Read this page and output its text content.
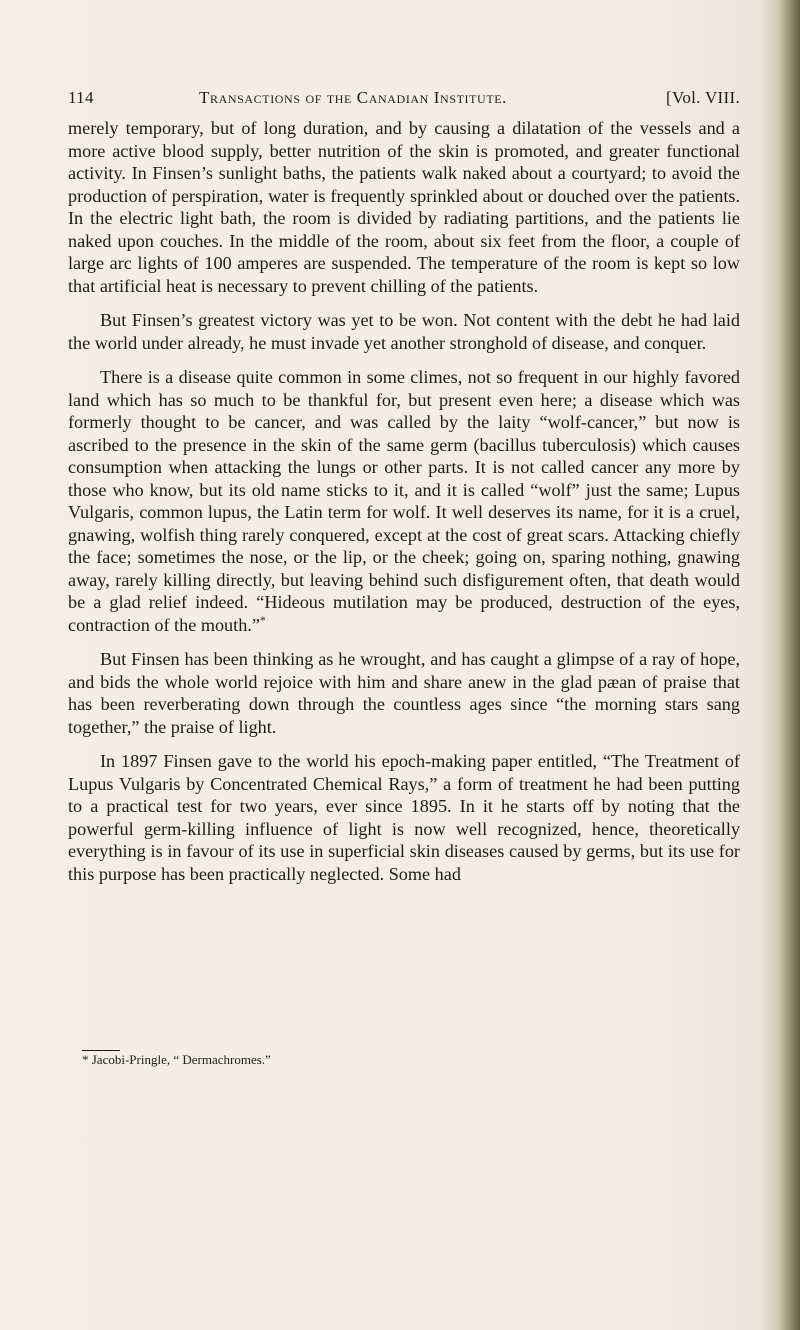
114	Transactions of the Canadian Institute.	[Vol. VIII.

merely temporary, but of long duration, and by causing a dilatation of the vessels and a more active blood supply, better nutrition of the skin is promoted, and greater functional activity. In Finsen’s sunlight baths, the patients walk naked about a courtyard; to avoid the production of perspiration, water is frequently sprinkled about or douched over the patients. In the electric light bath, the room is divided by radiating partitions, and the patients lie naked upon couches. In the middle of the room, about six feet from the floor, a couple of large arc lights of 100 amperes are suspended. The temperature of the room is kept so low that artificial heat is necessary to prevent chilling of the patients.

But Finsen’s greatest victory was yet to be won. Not content with the debt he had laid the world under already, he must invade yet another stronghold of disease, and conquer.

There is a disease quite common in some climes, not so frequent in our highly favored land which has so much to be thankful for, but present even here; a disease which was formerly thought to be cancer, and was called by the laity “wolf-cancer,” but now is ascribed to the presence in the skin of the same germ (bacillus tuberculosis) which causes consumption when attacking the lungs or other parts. It is not called cancer any more by those who know, but its old name sticks to it, and it is called “wolf” just the same; Lupus Vulgaris, common lupus, the Latin term for wolf. It well deserves its name, for it is a cruel, gnawing, wolfish thing rarely conquered, except at the cost of great scars. Attacking chiefly the face; sometimes the nose, or the lip, or the cheek; going on, sparing nothing, gnawing away, rarely killing directly, but leaving behind such disfigurement often, that death would be a glad relief indeed. “Hideous mutilation may be produced, destruction of the eyes, contraction of the mouth.”*

But Finsen has been thinking as he wrought, and has caught a glimpse of a ray of hope, and bids the whole world rejoice with him and share anew in the glad pæan of praise that has been reverberating down through the countless ages since “the morning stars sang together,” the praise of light.

In 1897 Finsen gave to the world his epoch-making paper entitled, “The Treatment of Lupus Vulgaris by Concentrated Chemical Rays,” a form of treatment he had been putting to a practical test for two years, ever since 1895. In it he starts off by noting that the powerful germ-killing influence of light is now well recognized, hence, theoretically everything is in favour of its use in superficial skin diseases caused by germs, but its use for this purpose has been practically neglected. Some had

* Jacobi-Pringle, “ Dermachromes.”
